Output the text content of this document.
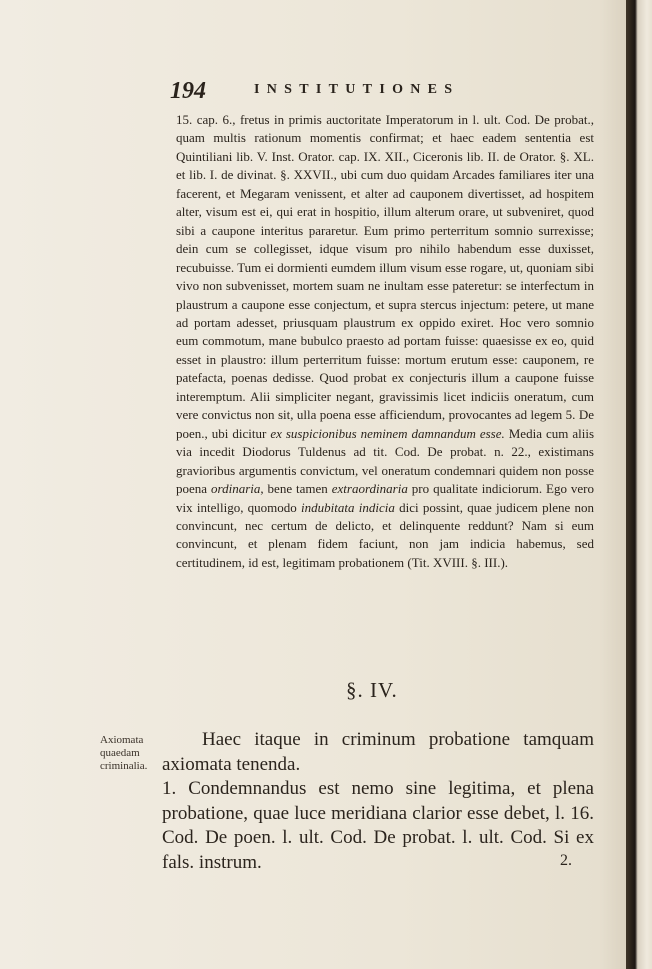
194	INSTITUTIONES
15. cap. 6., fretus in primis auctoritate Imperatorum in l. ult. Cod. De probat., quam multis rationum momentis confirmat; et haec eadem sententia est Quintiliani lib. V. Inst. Orator. cap. IX. XII., Ciceronis lib. II. de Orator. §. XL. et lib. I. de divinat. §. XXVII., ubi cum duo quidam Arcades familiares iter una facerent, et Megaram venissent, et alter ad cauponem divertisset, ad hospitem alter, visum est ei, qui erat in hospitio, illum alterum orare, ut subveniret, quod sibi a caupone interitus pararetur. Eum primo perterritum somnio surrexisse; dein cum se collegisset, idque visum pro nihilo habendum esse duxisset, recubuisse. Tum ei dormienti eumdem illum visum esse rogare, ut, quoniam sibi vivo non subvenisset, mortem suam ne inultam esse pateretur: se interfectum in plaustrum a caupone esse conjectum, et supra stercus injectum: petere, ut mane ad portam adesset, priusquam plaustrum ex oppido exiret. Hoc vero somnio eum commotum, mane bubulco praesto ad portam fuisse: quaesisse ex eo, quid esset in plaustro: illum perterritum fuisse: mortum erutum esse: cauponem, re patefacta, poenas dedisse. Quod probat ex conjecturis illum a caupone fuisse interemptum. Alii simpliciter negant, gravissimis licet indiciis oneratum, cum vere convictus non sit, ulla poena esse afficiendum, provocantes ad legem 5. De poen., ubi dicitur ex suspicionibus neminem damnandum esse. Media cum aliis via incedit Diodorus Tuldenus ad tit. Cod. De probat. n. 22., existimans gravioribus argumentis convictum, vel oneratum condemnari quidem non posse poena ordinaria, bene tamen extraordinaria pro qualitate indiciorum. Ego vero vix intelligo, quomodo indubitata indicia dici possint, quae judicem plene non convincunt, nec certum de delicto, et delinquente reddunt? Nam si eum convincunt, et plenam fidem faciunt, non jam indicia habemus, sed certitudinem, id est, legitimam probationem (Tit. XVIII. §. III.).
§. IV.
Axiomata quaedam criminalia.
Haec itaque in criminum probatione tamquam axiomata tenenda.
1. Condemnandus est nemo sine legitima, et plena probatione, quae luce meridiana clarior esse debet, l. 16. Cod. De poen. l. ult. Cod. De probat. l. ult. Cod. Si ex fals. instrum.	2.
